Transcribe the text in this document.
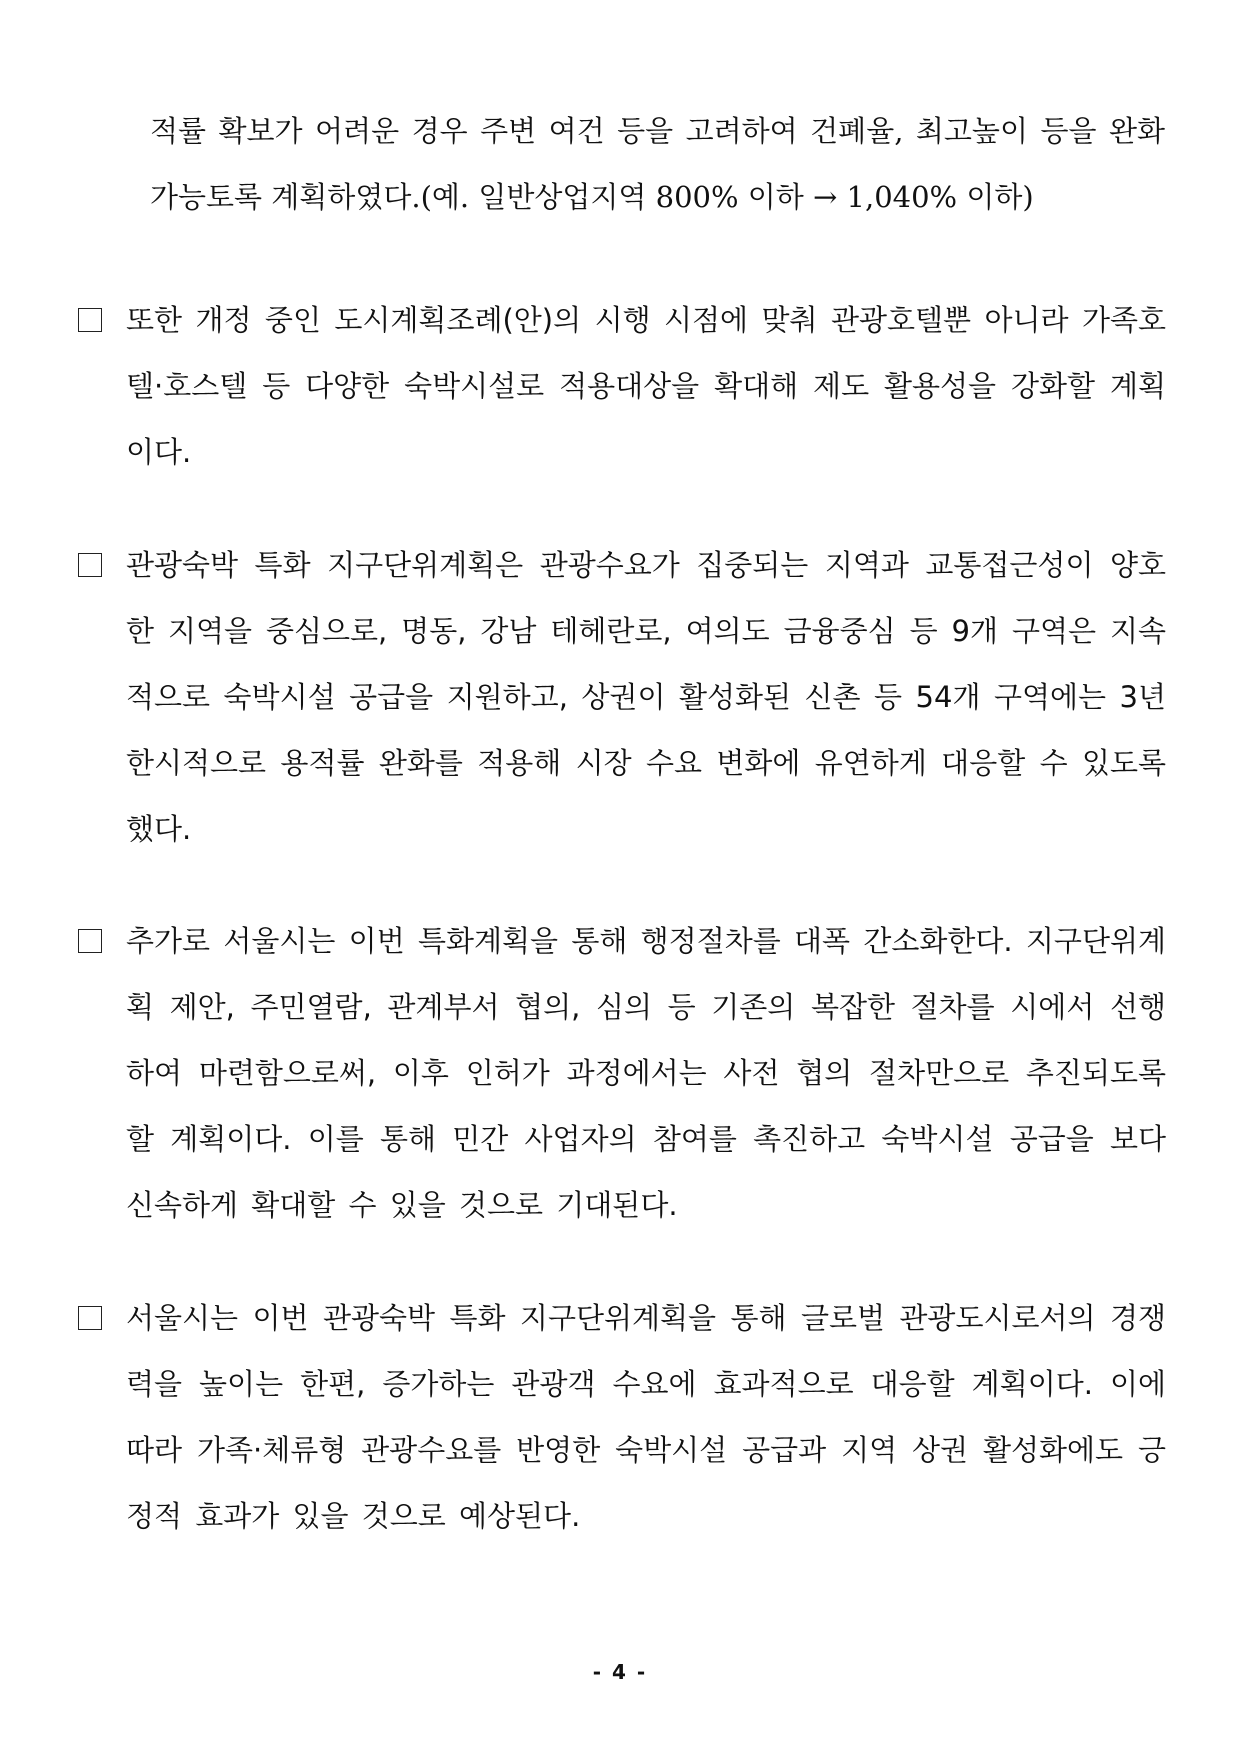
적률 확보가 어려운 경우 주변 여건 등을 고려하여 건폐율, 최고높이 등을 완화 가능토록 계획하였다.(예. 일반상업지역 800% 이하 → 1,040% 이하)
또한 개정 중인 도시계획조례(안)의 시행 시점에 맞춰 관광호텔뿐 아니라 가족호텔·호스텔 등 다양한 숙박시설로 적용대상을 확대해 제도 활용성을 강화할 계획이다.
관광숙박 특화 지구단위계획은 관광수요가 집중되는 지역과 교통접근성이 양호한 지역을 중심으로, 명동, 강남 테헤란로, 여의도 금융중심 등 9개 구역은 지속적으로 숙박시설 공급을 지원하고, 상권이 활성화된 신촌 등 54개 구역에는 3년 한시적으로 용적률 완화를 적용해 시장 수요 변화에 유연하게 대응할 수 있도록 했다.
추가로 서울시는 이번 특화계획을 통해 행정절차를 대폭 간소화한다. 지구단위계획 제안, 주민열람, 관계부서 협의, 심의 등 기존의 복잡한 절차를 시에서 선행하여 마련함으로써, 이후 인허가 과정에서는 사전 협의 절차만으로 추진되도록 할 계획이다. 이를 통해 민간 사업자의 참여를 촉진하고 숙박시설 공급을 보다 신속하게 확대할 수 있을 것으로 기대된다.
서울시는 이번 관광숙박 특화 지구단위계획을 통해 글로벌 관광도시로서의 경쟁력을 높이는 한편, 증가하는 관광객 수요에 효과적으로 대응할 계획이다. 이에 따라 가족·체류형 관광수요를 반영한 숙박시설 공급과 지역 상권 활성화에도 긍정적 효과가 있을 것으로 예상된다.
- 4 -
